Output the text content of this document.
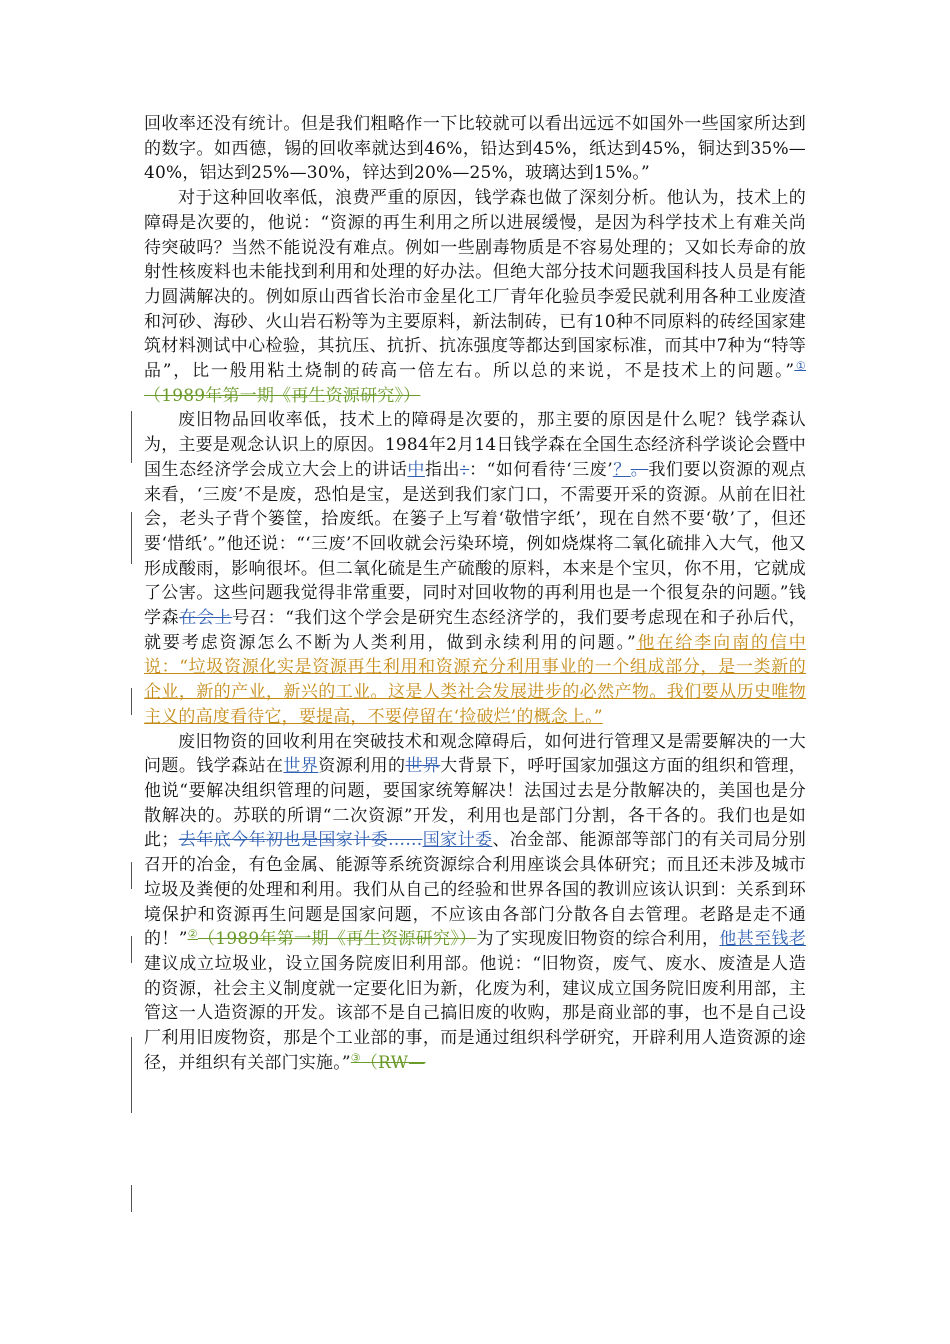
回收率还没有统计。但是我们粗略作一下比较就可以看出远远不如国外一些国家所达到的数字。如西德，锡的回收率就达到46%，铅达到45%，纸达到45%，铜达到35%—40%，铝达到25%—30%，锌达到20%—25%，玻璃达到15%。”

对于这种回收率低，浪费严重的原因，钱学森也做了深刻分析。他认为，技术上的障碍是次要的，他说：“资源的再生利用之所以进展缓慢，是因为科学技术上有难关尚待突破吗？当然不能说没有难点。例如一些剧毒物质是不容易处理的；又如长寿命的放射性核废料也未能找到利用和处理的好办法。但绝大部分技术问题我国科技人员是有能力圆满解决的。例如原山西省长治市金星化工厂青年化验员李爱民就利用各种工业废渣和河砂、海砂、火山岩石粉等为主要原料，新法制砖，已有10种不同原料的砖经国家建筑材料测试中心检验，其抗压、抗折、抗冻强度等都达到国家标准，而其中7种为“特等品”，比一般用粘土烧制的砖高一倍左右。所以总的来说，不是技术上的问题。”①（1989年第一期《再生资源研究》）

废旧物品回收率低，技术上的障碍是次要的，那主要的原因是什么呢？钱学森认为，主要是观念认识上的原因。1984年2月14日钱学森在全国生态经济科学谈论会暨中国生态经济学会成立大会上的讲话中指出：：“如何看待‘三废’？。我们要以资源的观点来看，‘三废’不是废，恐怕是宝，是送到我们家门口，不需要开采的资源。从前在旧社会，老头子背个篓筐，拾废纸。在篓子上写着‘敬惜字纸’，现在自然不要‘敬’了，但还要‘惜纸’。”他还说：“‘三废’不回收就会污染环境，例如烧煤将二氧化硫排入大气，他又形成酸雨，影响很坏。但二氧化硫是生产硫酸的原料，本来是个宝贝，你不用，它就成了公害。这些问题我觉得非常重要，同时对回收物的再利用也是一个很复杂的问题。”钱学森在会上号召：“我们这个学会是研究生态经济学的，我们要考虑现在和子孙后代，就要考虑资源怎么不断为人类利用，做到永续利用的问题。”他在给李向南的信中说：“垃圾资源化实是资源再生利用和资源充分利用事业的一个组成部分，是一类新的企业，新的产业，新兴的工业。这是人类社会发展进步的必然产物。我们要从历史唯物主义的高度看待它，要提高，不要停留在‘捡破烂’的概念上。”

废旧物资的回收利用在突破技术和观念障碍后，如何进行管理又是需要解决的一大问题。钱学森站在世界资源利用的世界大背景下，呼吁国家加强这方面的组织和管理，他说“要解决组织管理的问题，要国家统筹解决！法国过去是分散解决的，美国也是分散解决的。苏联的所谓“二次资源”开发，利用也是部门分割，各干各的。我们也是如此；去年底今年初也是国家计委……国家计委、冶金部、能源部等部门的有关司局分别召开的冶金，有色金属、能源等系统资源综合利用座谈会具体研究；而且还未涉及城市垃圾及粪便的处理和利用。我们从自己的经验和世界各国的教训应该认识到：关系到环境保护和资源再生问题是国家问题，不应该由各部门分散各自去管理。老路是走不通的！”②（1989年第一期《再生资源研究》）为了实现废旧物资的综合利用，他甚至钱老建议成立垃圾业，设立国务院废旧利用部。他说：“旧物资，废气、废水、废渣是人造的资源，社会主义制度就一定要化旧为新，化废为利，建议成立国务院旧废利用部，主管这一人造资源的开发。该部不是自己搞旧废的收购，那是商业部的事，也不是自己设厂利用旧废物资，那是个工业部的事，而是通过组织科学研究，开辟利用人造资源的途径，并组织有关部门实施。”③（RW—
